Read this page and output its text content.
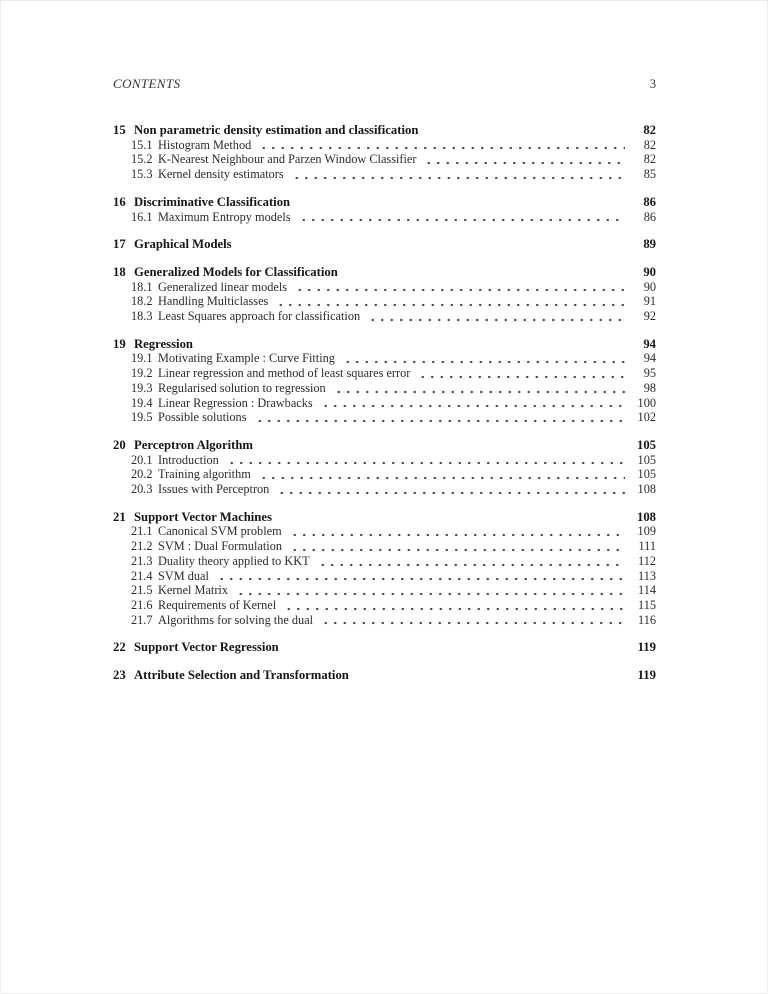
CONTENTS	3
15 Non parametric density estimation and classification	82
15.1 Histogram Method	82
15.2 K-Nearest Neighbour and Parzen Window Classifier	82
15.3 Kernel density estimators	85
16 Discriminative Classification	86
16.1 Maximum Entropy models	86
17 Graphical Models	89
18 Generalized Models for Classification	90
18.1 Generalized linear models	90
18.2 Handling Multiclasses	91
18.3 Least Squares approach for classification	92
19 Regression	94
19.1 Motivating Example : Curve Fitting	94
19.2 Linear regression and method of least squares error	95
19.3 Regularised solution to regression	98
19.4 Linear Regression : Drawbacks	100
19.5 Possible solutions	102
20 Perceptron Algorithm	105
20.1 Introduction	105
20.2 Training algorithm	105
20.3 Issues with Perceptron	108
21 Support Vector Machines	108
21.1 Canonical SVM problem	109
21.2 SVM : Dual Formulation	111
21.3 Duality theory applied to KKT	112
21.4 SVM dual	113
21.5 Kernel Matrix	114
21.6 Requirements of Kernel	115
21.7 Algorithms for solving the dual	116
22 Support Vector Regression	119
23 Attribute Selection and Transformation	119
